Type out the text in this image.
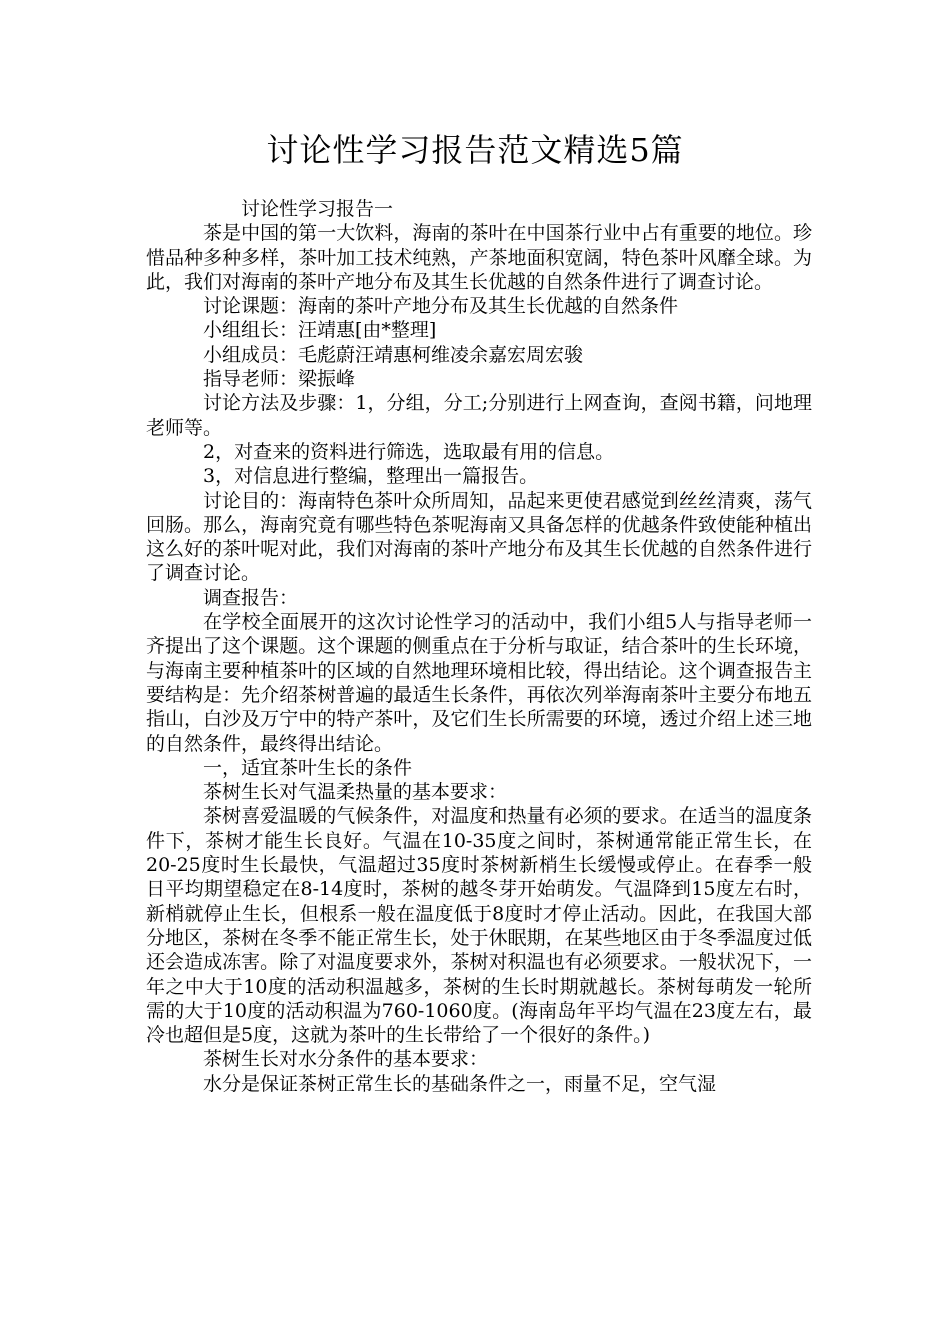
讨论性学习报告范文精选5篇

讨论性学习报告一

茶是中国的第一大饮料，海南的茶叶在中国茶行业中占有重要的地位。珍惜品种多种多样，茶叶加工技术纯熟，产茶地面积宽阔，特色茶叶风靡全球。为此，我们对海南的茶叶产地分布及其生长优越的自然条件进行了调查讨论。

讨论课题：海南的茶叶产地分布及其生长优越的自然条件

小组组长：汪靖惠[由*整理]

小组成员：毛彪蔚汪靖惠柯维凌余嘉宏周宏骏

指导老师：梁振峰

讨论方法及步骤：1，分组，分工;分别进行上网查询，查阅书籍，问地理老师等。

2，对查来的资料进行筛选，选取最有用的信息。

3，对信息进行整编，整理出一篇报告。

讨论目的：海南特色茶叶众所周知，品起来更使君感觉到丝丝清爽，荡气回肠。那么，海南究竟有哪些特色茶呢海南又具备怎样的优越条件致使能种植出这么好的茶叶呢对此，我们对海南的茶叶产地分布及其生长优越的自然条件进行了调查讨论。

调查报告：

在学校全面展开的这次讨论性学习的活动中，我们小组5人与指导老师一齐提出了这个课题。这个课题的侧重点在于分析与取证，结合茶叶的生长环境，与海南主要种植茶叶的区域的自然地理环境相比较，得出结论。这个调查报告主要结构是：先介绍茶树普遍的最适生长条件，再依次列举海南茶叶主要分布地五指山，白沙及万宁中的特产茶叶，及它们生长所需要的环境，透过介绍上述三地的自然条件，最终得出结论。

一，适宜茶叶生长的条件

茶树生长对气温柔热量的基本要求：

茶树喜爱温暖的气候条件，对温度和热量有必须的要求。在适当的温度条件下，茶树才能生长良好。气温在10-35度之间时，茶树通常能正常生长，在20-25度时生长最快，气温超过35度时茶树新梢生长缓慢或停止。在春季一般日平均期望稳定在8-14度时，茶树的越冬芽开始萌发。气温降到15度左右时，新梢就停止生长，但根系一般在温度低于8度时才停止活动。因此，在我国大部分地区，茶树在冬季不能正常生长，处于休眠期，在某些地区由于冬季温度过低还会造成冻害。除了对温度要求外，茶树对积温也有必须要求。一般状况下，一年之中大于10度的活动积温越多，茶树的生长时期就越长。茶树每萌发一轮所需的大于10度的活动积温为760-1060度。(海南岛年平均气温在23度左右，最冷也超但是5度，这就为茶叶的生长带给了一个很好的条件。)

茶树生长对水分条件的基本要求：

水分是保证茶树正常生长的基础条件之一，雨量不足，空气湿
